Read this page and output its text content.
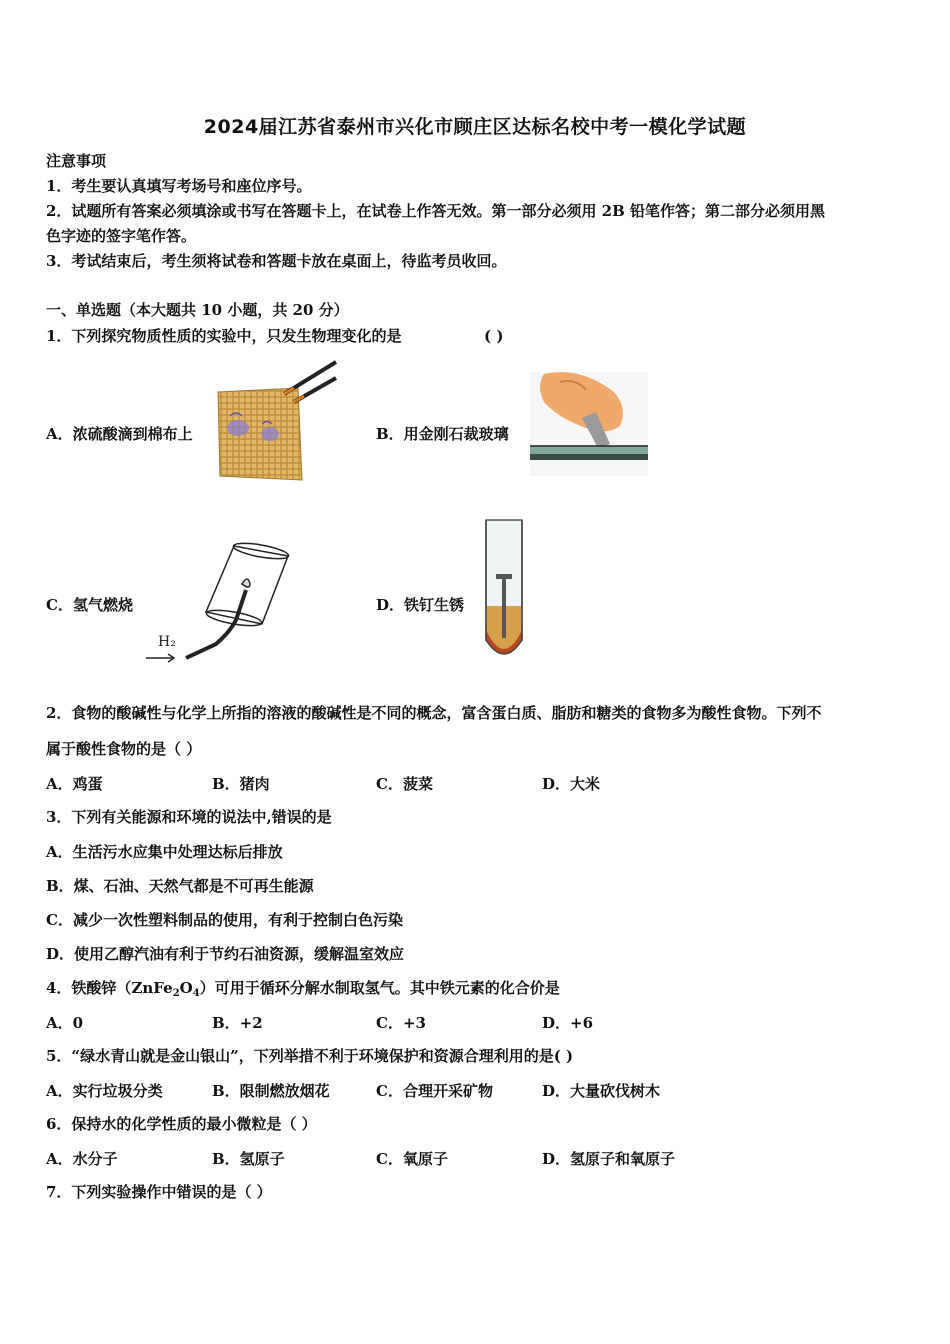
2024届江苏省泰州市兴化市顾庄区达标名校中考一模化学试题
注意事项
1．考生要认真填写考场号和座位序号。
2．试题所有答案必须填涂或书写在答题卡上，在试卷上作答无效。第一部分必须用 2B 铅笔作答；第二部分必须用黑
色字迹的签字笔作答。
3．考试结束后，考生须将试卷和答题卡放在桌面上，待监考员收回。
一、单选题（本大题共 10 小题，共 20 分）
1．下列探究物质性质的实验中，只发生物理变化的是	( )
A．浓硫酸滴到棉布上	B．用金刚石裁玻璃
C．氢气燃烧	D．铁钉生锈
H₂
2．食物的酸碱性与化学上所指的溶液的酸碱性是不同的概念，富含蛋白质、脂肪和糖类的食物多为酸性食物。下列不
属于酸性食物的是（ ）
A．鸡蛋	B．猪肉	C．菠菜	D．大米
3．下列有关能源和环境的说法中,错误的是
A．生活污水应集中处理达标后排放
B．煤、石油、天然气都是不可再生能源
C．减少一次性塑料制品的使用，有利于控制白色污染
D．使用乙醇汽油有利于节约石油资源，缓解温室效应
4．铁酸锌$(ZnFe_2O_4)$可用于循环分解水制取氢气。其中铁元素的化合价是
A．0	B．+2	C．+3	D．+6
5．“绿水青山就是金山银山”，下列举措不利于环境保护和资源合理利用的是( )
A．实行垃圾分类	B．限制燃放烟花	C．合理开采矿物	D．大量砍伐树木
6．保持水的化学性质的最小微粒是（ ）
A．水分子	B．氢原子	C．氧原子	D．氢原子和氧原子
7．下列实验操作中错误的是（ ）
